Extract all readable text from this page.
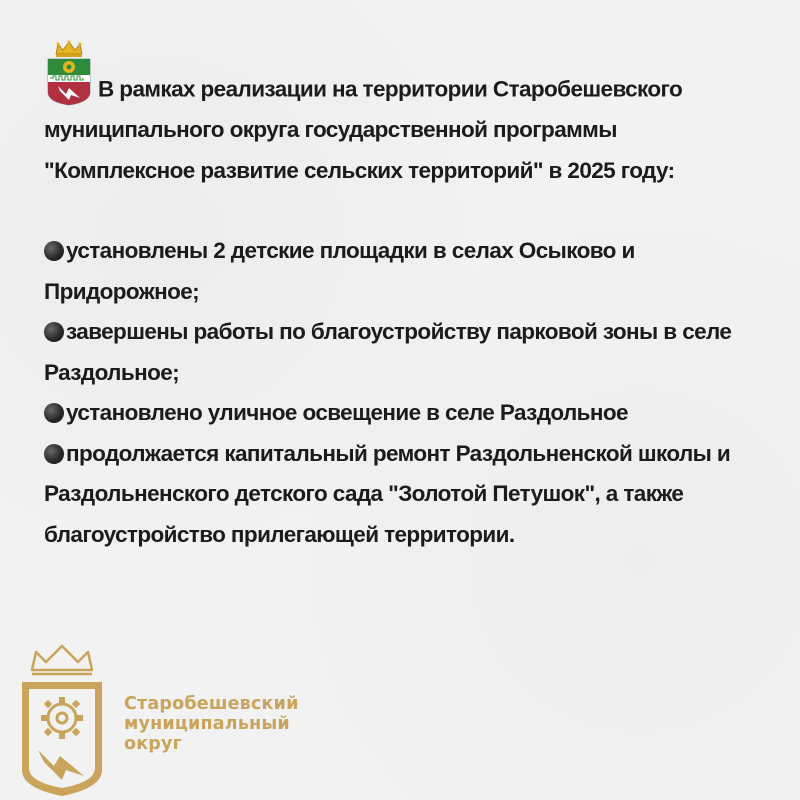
В рамках реализации на территории Старобешевского
муниципального округа государственной программы
"Комплексное развитие сельских территорий" в 2025 году:

установлены 2 детские площадки в селах Осыково и Придорожное;

завершены работы по благоустройству парковой зоны в селе Раздольное;

установлено уличное освещение в селе Раздольное

продолжается капитальный ремонт Раздольненской школы и Раздольненского детского сада "Золотой Петушок", а также благоустройство прилегающей территории.

Старобешевский
муниципальный
округ
